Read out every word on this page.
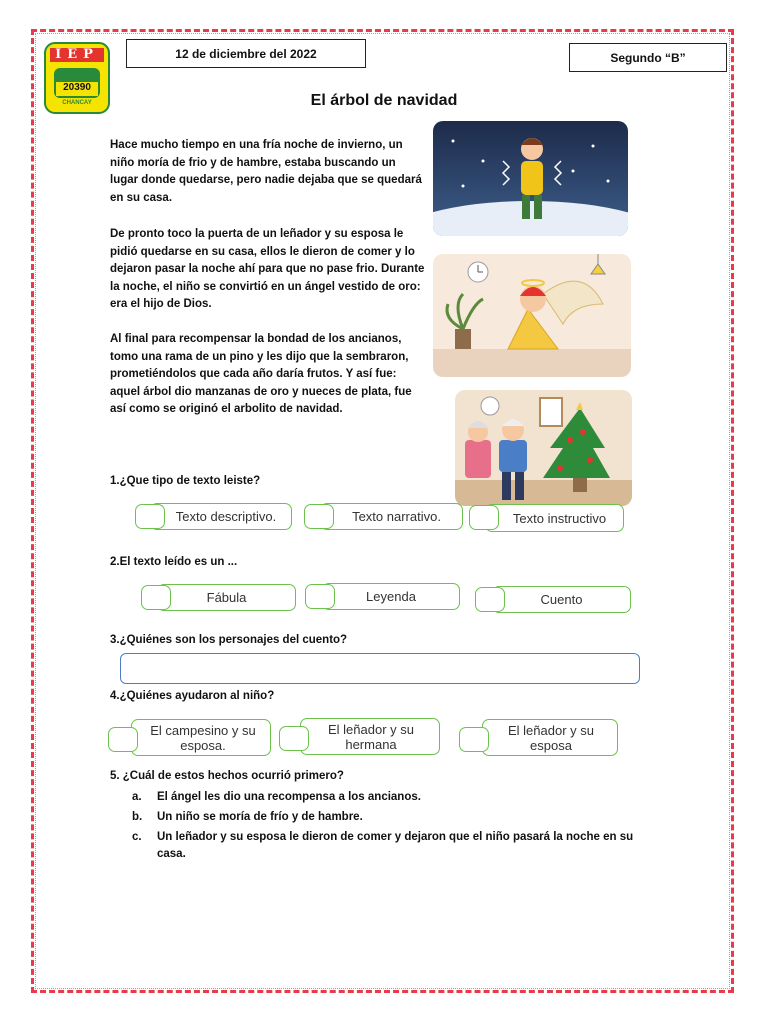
IEP
20390
CHANCAY
12 de diciembre del 2022	Segundo “B”
El árbol de navidad

Hace mucho tiempo en una fría noche de invierno, un niño moría de frio y de hambre, estaba buscando un lugar donde quedarse, pero nadie dejaba que se quedará en su casa.

De pronto toco la puerta de un leñador y su esposa le pidió quedarse en su casa, ellos le dieron de comer y lo dejaron pasar la noche ahí para que no pase frio. Durante la noche, el niño se convirtió en un ángel vestido de oro: era el hijo de Dios.

Al final para recompensar la bondad de los ancianos, tomo una rama de un pino y les dijo que la sembraron, prometiéndolos que cada año daría frutos. Y así fue: aquel árbol dio manzanas de oro y nueces de plata, fue así como se originó el arbolito de navidad.

1.¿Que tipo de texto leiste?
Texto descriptivo.	Texto narrativo.	Texto instructivo
2.El texto leído es un ...
Fábula	Leyenda	Cuento
3.¿Quiénes son los personajes del cuento?
4.¿Quiénes ayudaron al niño?
El campesino y su esposa.
El leñador y su hermana
El leñador y su esposa
5. ¿Cuál de estos hechos ocurrió primero?
a. El ángel les dio una recompensa a los ancianos.
b. Un niño se moría de frío y de hambre.
c. Un leñador y su esposa le dieron de comer y dejaron que el niño pasará la noche en su casa.
